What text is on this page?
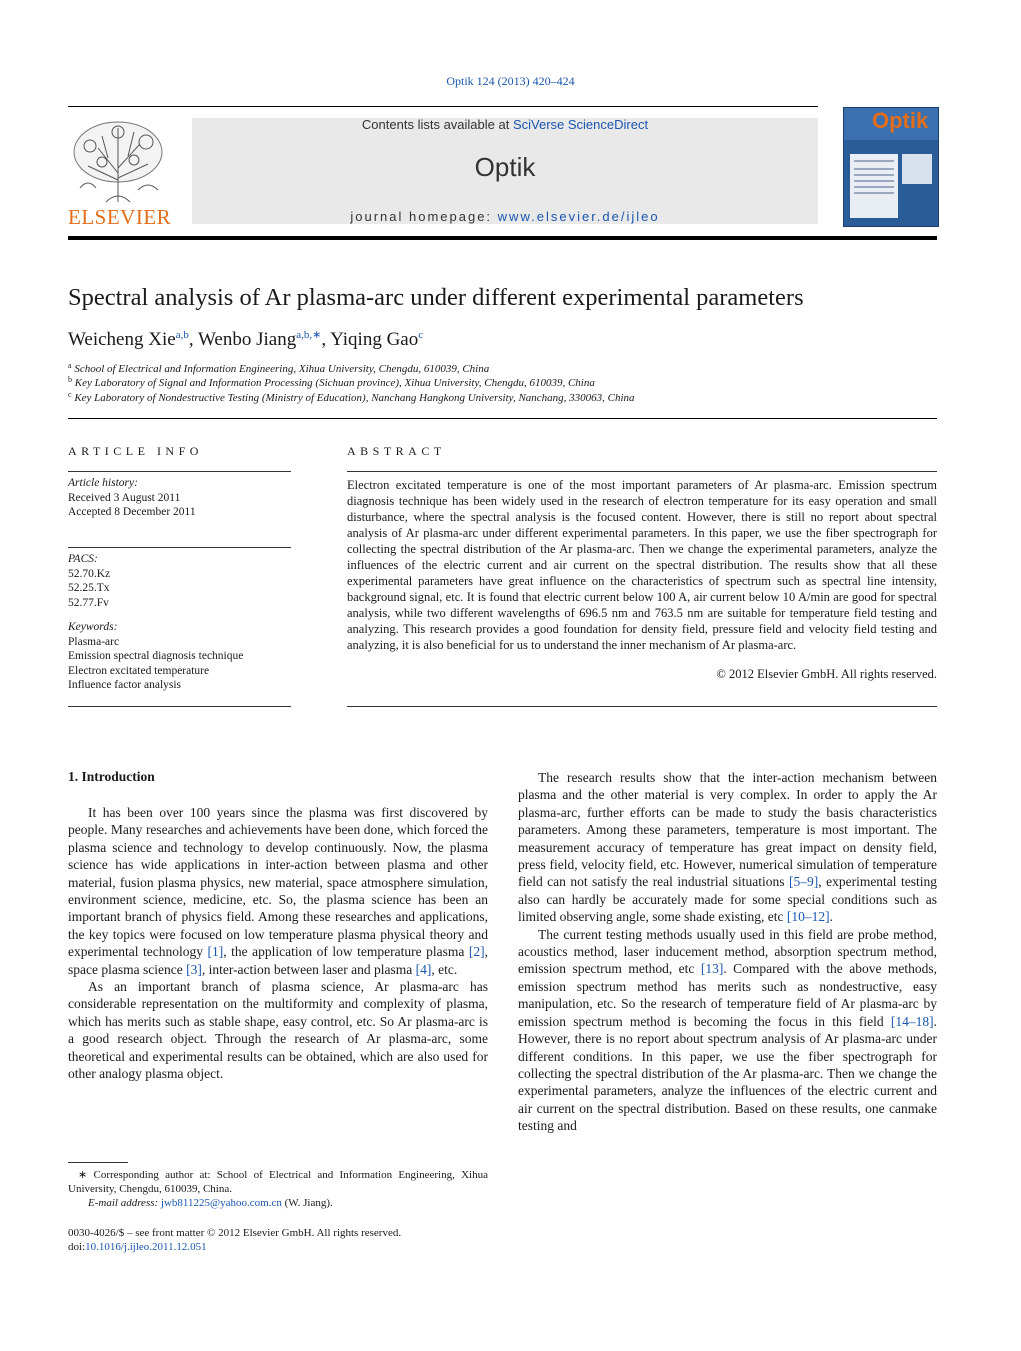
Optik 124 (2013) 420–424
ELSEVIER
Contents lists available at SciVerse ScienceDirect
Optik
journal homepage: www.elsevier.de/ijleo
Optik
Spectral analysis of Ar plasma-arc under different experimental parameters
Weicheng Xie$^{a,b}$, Wenbo Jiang$^{a,b,∗}$, Yiqing Gao$^c$
$^a$ School of Electrical and Information Engineering, Xihua University, Chengdu, 610039, China
$^b$ Key Laboratory of Signal and Information Processing (Sichuan province), Xihua University, Chengdu, 610039, China
$^c$ Key Laboratory of Nondestructive Testing (Ministry of Education), Nanchang Hangkong University, Nanchang, 330063, China
ARTICLE INFO
Article history:
Received 3 August 2011
Accepted 8 December 2011
PACS:
52.70.Kz
52.25.Tx
52.77.Fv
Keywords:
Plasma-arc
Emission spectral diagnosis technique
Electron excitated temperature
Influence factor analysis
ABSTRACT
Electron excitated temperature is one of the most important parameters of Ar plasma-arc. Emission spectrum diagnosis technique has been widely used in the research of electron temperature for its easy operation and small disturbance, where the spectral analysis is the focused content. However, there is still no report about spectral analysis of Ar plasma-arc under different experimental parameters. In this paper, we use the fiber spectrograph for collecting the spectral distribution of the Ar plasma-arc. Then we change the experimental parameters, analyze the influences of the electric current and air current on the spectral distribution. The results show that all these experimental parameters have great influence on the characteristics of spectrum such as spectral line intensity, background signal, etc. It is found that electric current below 100 A, air current below 10 A/min are good for spectral analysis, while two different wavelengths of 696.5 nm and 763.5 nm are suitable for temperature field testing and analyzing. This research provides a good foundation for density field, pressure field and velocity field testing and analyzing, it is also beneficial for us to understand the inner mechanism of Ar plasma-arc.
© 2012 Elsevier GmbH. All rights reserved.
1. Introduction

It has been over 100 years since the plasma was first discovered by people. Many researches and achievements have been done, which forced the plasma science and technology to develop continuously. Now, the plasma science has wide applications in inter-action between plasma and other material, fusion plasma physics, new material, space atmosphere simulation, environment science, medicine, etc. So, the plasma science has been an important branch of physics field. Among these researches and applications, the key topics were focused on low temperature plasma physical theory and experimental technology [1], the application of low temperature plasma [2], space plasma science [3], inter-action between laser and plasma [4], etc.

As an important branch of plasma science, Ar plasma-arc has considerable representation on the multiformity and complexity of plasma, which has merits such as stable shape, easy control, etc. So Ar plasma-arc is a good research object. Through the research of Ar plasma-arc, some theoretical and experimental results can be obtained, which are also used for other analogy plasma object.

∗ Corresponding author at: School of Electrical and Information Engineering, Xihua University, Chengdu, 610039, China.
E-mail address: jwb811225@yahoo.com.cn (W. Jiang).
0030-4026/$ – see front matter © 2012 Elsevier GmbH. All rights reserved.
doi:10.1016/j.ijleo.2011.12.051

The research results show that the inter-action mechanism between plasma and the other material is very complex. In order to apply the Ar plasma-arc, further efforts can be made to study the basis characteristics parameters. Among these parameters, temperature is most important. The measurement accuracy of temperature has great impact on density field, press field, velocity field, etc. However, numerical simulation of temperature field can not satisfy the real industrial situations [5–9], experimental testing also can hardly be accurately made for some special conditions such as limited observing angle, some shade existing, etc [10–12].

The current testing methods usually used in this field are probe method, acoustics method, laser inducement method, absorption spectrum method, emission spectrum method, etc [13]. Compared with the above methods, emission spectrum method has merits such as nondestructive, easy manipulation, etc. So the research of temperature field of Ar plasma-arc by emission spectrum method is becoming the focus in this field [14–18]. However, there is no report about spectrum analysis of Ar plasma-arc under different conditions. In this paper, we use the fiber spectrograph for collecting the spectral distribution of the Ar plasma-arc. Then we change the experimental parameters, analyze the influences of the electric current and air current on the spectral distribution. Based on these results, one canmake testing and
